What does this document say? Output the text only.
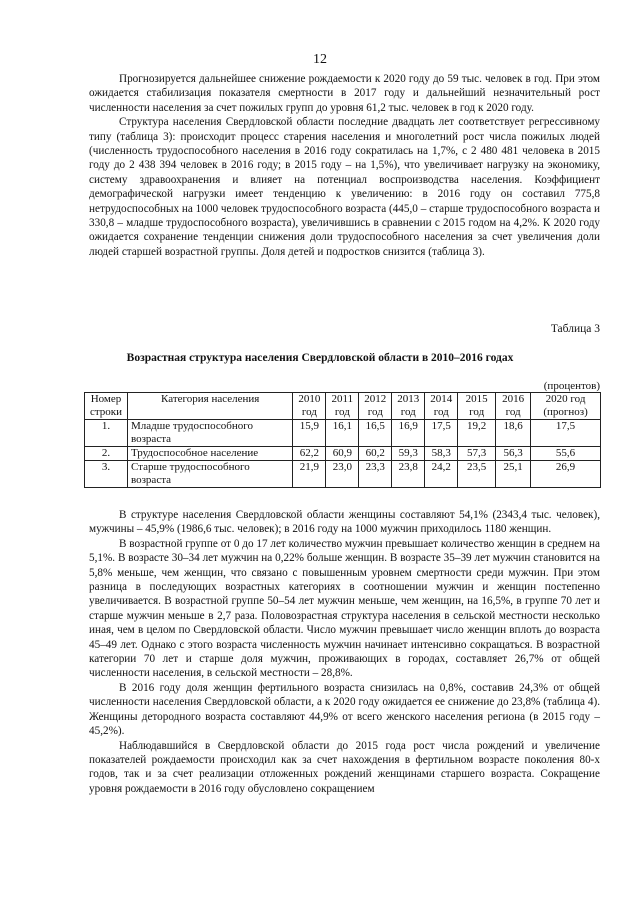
12

Прогнозируется дальнейшее снижение рождаемости к 2020 году до 59 тыс. человек в год. При этом ожидается стабилизация показателя смертности в 2017 году и дальнейший незначительный рост численности населения за счет пожилых групп до уровня 61,2 тыс. человек в год к 2020 году.

Структура населения Свердловской области последние двадцать лет соответствует регрессивному типу (таблица 3): происходит процесс старения населения и многолетний рост числа пожилых людей (численность трудоспособного населения в 2016 году сократилась на 1,7%, с 2 480 481 человека в 2015 году до 2 438 394 человек в 2016 году; в 2015 году – на 1,5%), что увеличивает нагрузку на экономику, систему здравоохранения и влияет на потенциал воспроизводства населения. Коэффициент демографической нагрузки имеет тенденцию к увеличению: в 2016 году он составил 775,8 нетрудоспособных на 1000 человек трудоспособного возраста (445,0 – старше трудоспособного возраста и 330,8 – младше трудоспособного возраста), увеличившись в сравнении с 2015 годом на 4,2%. К 2020 году ожидается сохранение тенденции снижения доли трудоспособного населения за счет увеличения доли людей старшей возрастной группы. Доля детей и подростков снизится (таблица 3).

Таблица 3
Возрастная структура населения Свердловской области в 2010–2016 годах
(процентов)
Номер строки	Категория населения	2010 год	2011 год	2012 год	2013 год	2014 год	2015 год	2016 год	2020 год (прогноз)
1.	Младше трудоспособного возраста	15,9	16,1	16,5	16,9	17,5	19,2	18,6	17,5
2.	Трудоспособное население	62,2	60,9	60,2	59,3	58,3	57,3	56,3	55,6
3.	Старше трудоспособного возраста	21,9	23,0	23,3	23,8	24,2	23,5	25,1	26,9

В структуре населения Свердловской области женщины составляют 54,1% (2343,4 тыс. человек), мужчины – 45,9% (1986,6 тыс. человек); в 2016 году на 1000 мужчин приходилось 1180 женщин.

В возрастной группе от 0 до 17 лет количество мужчин превышает количество женщин в среднем на 5,1%. В возрасте 30–34 лет мужчин на 0,22% больше женщин. В возрасте 35–39 лет мужчин становится на 5,8% меньше, чем женщин, что связано с повышенным уровнем смертности среди мужчин. При этом разница в последующих возрастных категориях в соотношении мужчин и женщин постепенно увеличивается. В возрастной группе 50–54 лет мужчин меньше, чем женщин, на 16,5%, в группе 70 лет и старше мужчин меньше в 2,7 раза. Половозрастная структура населения в сельской местности несколько иная, чем в целом по Свердловской области. Число мужчин превышает число женщин вплоть до возраста 45–49 лет. Однако с этого возраста численность мужчин начинает интенсивно сокращаться. В возрастной категории 70 лет и старше доля мужчин, проживающих в городах, составляет 26,7% от общей численности населения, в сельской местности – 28,8%.

В 2016 году доля женщин фертильного возраста снизилась на 0,8%, составив 24,3% от общей численности населения Свердловской области, а к 2020 году ожидается ее снижение до 23,8% (таблица 4). Женщины детородного возраста составляют 44,9% от всего женского населения региона (в 2015 году – 45,2%).

Наблюдавшийся в Свердловской области до 2015 года рост числа рождений и увеличение показателей рождаемости происходил как за счет нахождения в фертильном возрасте поколения 80-х годов, так и за счет реализации отложенных рождений женщинами старшего возраста. Сокращение уровня рождаемости в 2016 году обусловлено сокращением
